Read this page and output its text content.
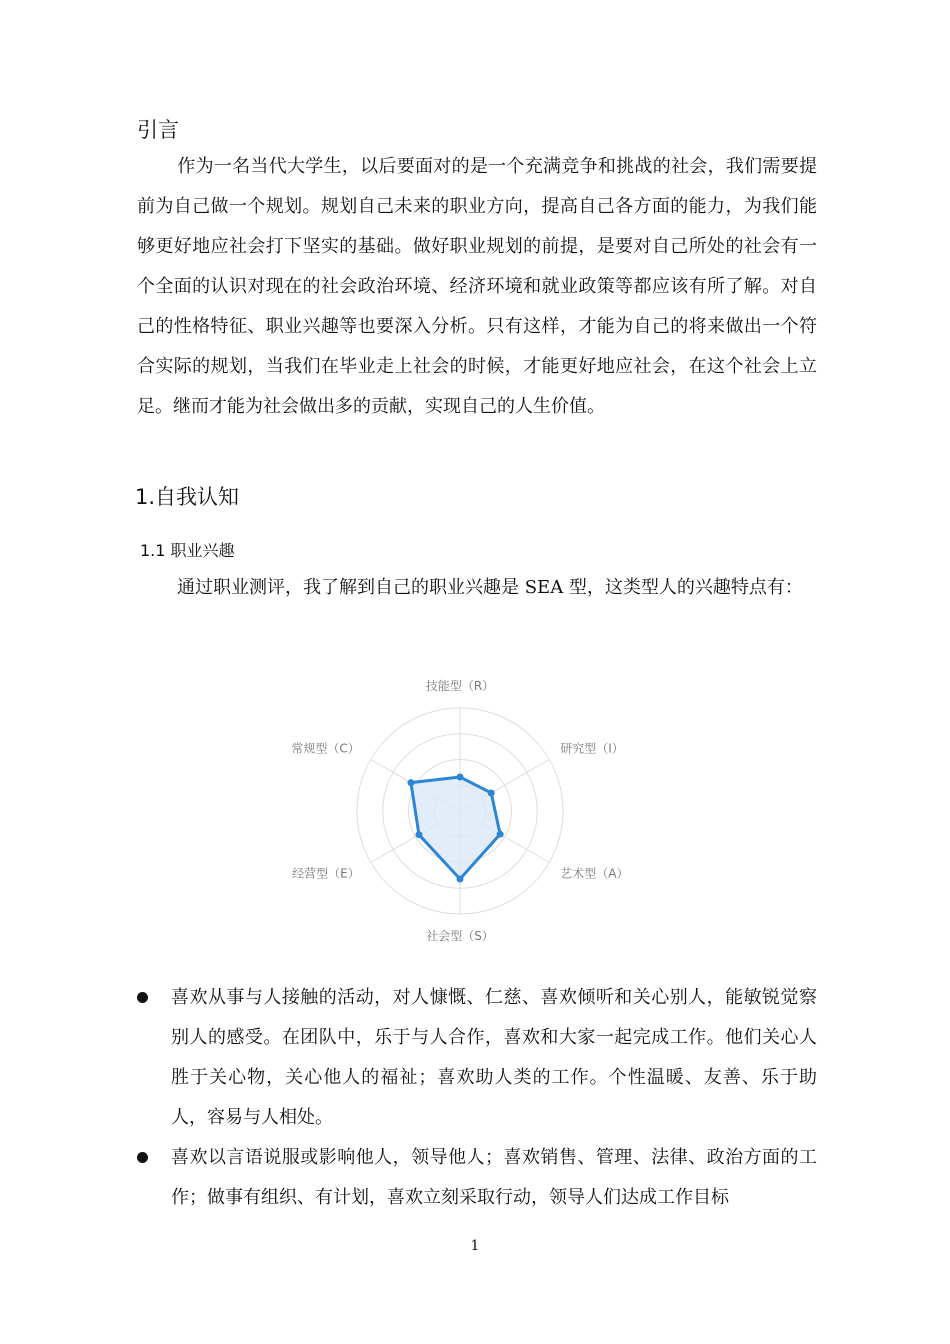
引言

作为一名当代大学生，以后要面对的是一个充满竞争和挑战的社会，我们需要提前为自己做一个规划。规划自己未来的职业方向，提高自己各方面的能力，为我们能够更好地应社会打下坚实的基础。做好职业规划的前提，是要对自己所处的社会有一个全面的认识对现在的社会政治环境、经济环境和就业政策等都应该有所了解。对自己的性格特征、职业兴趣等也要深入分析。只有这样，才能为自己的将来做出一个符合实际的规划，当我们在毕业走上社会的时候，才能更好地应社会，在这个社会上立足。继而才能为社会做出多的贡献，实现自己的人生价值。

1.自我认知
1.1 职业兴趣

通过职业测评，我了解到自己的职业兴趣是 SEA 型，这类型人的兴趣特点有：

技能型（R）
研究型（I）
艺术型（A）
社会型（S）
经营型（E）
常规型（C）
喜欢从事与人接触的活动，对人慷慨、仁慈、喜欢倾听和关心别人，能敏锐觉察别人的感受。在团队中，乐于与人合作，喜欢和大家一起完成工作。他们关心人胜于关心物，关心他人的福祉；喜欢助人类的工作。个性温暖、友善、乐于助人，容易与人相处。
喜欢以言语说服或影响他人，领导他人；喜欢销售、管理、法律、政治方面的工作；做事有组织、有计划，喜欢立刻采取行动，领导人们达成工作目标
1
